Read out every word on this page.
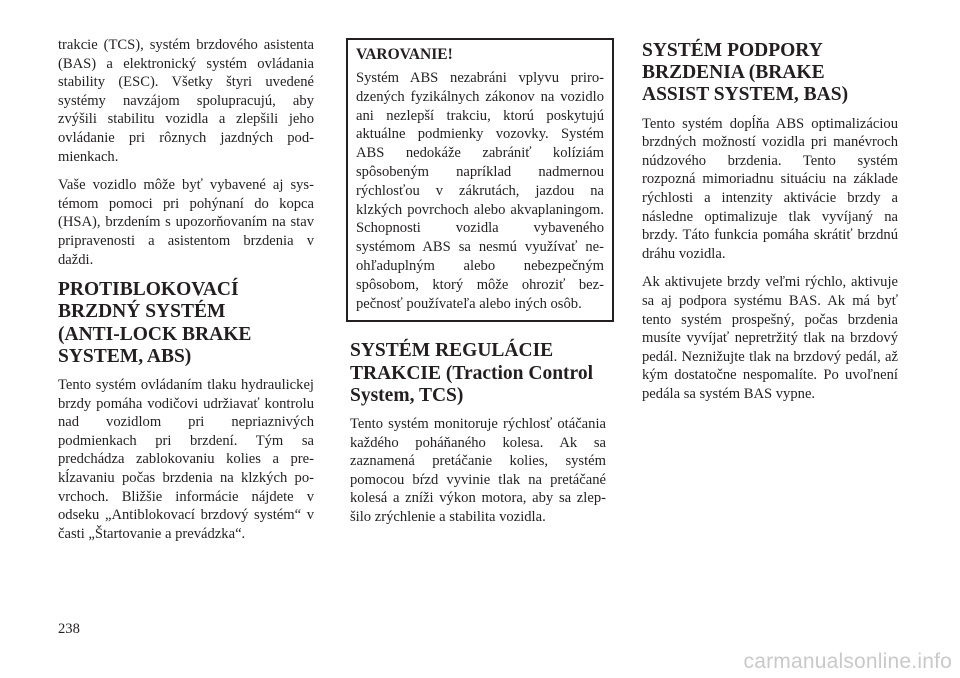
trakcie (TCS), systém brzdového asistenta (BAS) a elektronický systém ovládania stability (ESC). Všetky štyri uvedené systémy navzájom spolupracujú, aby zvýšili stabilitu vozidla a zlepšili jeho ovládanie pri rôznych jazdných podmienkach.

Vaše vozidlo môže byť vybavené aj systémom pomoci pri pohýnaní do kopca (HSA), brzdením s upozorňovaním na stav pripravenosti a asistentom brzdenia v daždi.

PROTIBLOKOVACÍ BRZDNÝ SYSTÉM (ANTI-LOCK BRAKE SYSTEM, ABS)

Tento systém ovládaním tlaku hydraulickej brzdy pomáha vodičovi udržiavať kontrolu nad vozidlom pri nepriaznivých podmienkach pri brzdení. Tým sa predchádza zablokovaniu kolies a prekĺzavaniu počas brzdenia na klzkých povrchoch. Bližšie informácie nájdete v odseku „Antiblokovací brzdový systém“ v časti „Štartovanie a prevádzka“.

VAROVANIE!

Systém ABS nezabráni vplyvu prirodzených fyzikálnych zákonov na vozidlo ani nezlepší trakciu, ktorú poskytujú aktuálne podmienky vozovky. Systém ABS nedokáže zabrániť kolíziám spôsobeným napríklad nadmernou rýchlosťou v zákrutách, jazdou na klzkých povrchoch alebo akvaplaningom. Schopnosti vozidla vybaveného systémom ABS sa nesmú využívať neohľaduplným alebo nebezpečným spôsobom, ktorý môže ohroziť bezpečnosť používateľa alebo iných osôb.

SYSTÉM REGULÁCIE TRAKCIE (Traction Control System, TCS)

Tento systém monitoruje rýchlosť otáčania každého poháňaného kolesa. Ak sa zaznamená pretáčanie kolies, systém pomocou bŕzd vyvinie tlak na pretáčané kolesá a zníži výkon motora, aby sa zlepšilo zrýchlenie a stabilita vozidla.

SYSTÉM PODPORY BRZDENIA (BRAKE ASSIST SYSTEM, BAS)

Tento systém dopĺňa ABS optimalizáciou brzdných možností vozidla pri manévroch núdzového brzdenia. Tento systém rozpozná mimoriadnu situáciu na základe rýchlosti a intenzity aktivácie brzdy a následne optimalizuje tlak vyvíjaný na brzdy. Táto funkcia pomáha skrátiť brzdnú dráhu vozidla.

Ak aktivujete brzdy veľmi rýchlo, aktivuje sa aj podpora systému BAS. Ak má byť tento systém prospešný, počas brzdenia musíte vyvíjať nepretržitý tlak na brzdový pedál. Neznižujte tlak na brzdový pedál, až kým dostatočne nespomalíte. Po uvoľnení pedála sa systém BAS vypne.

238
carmanualsonline.info
